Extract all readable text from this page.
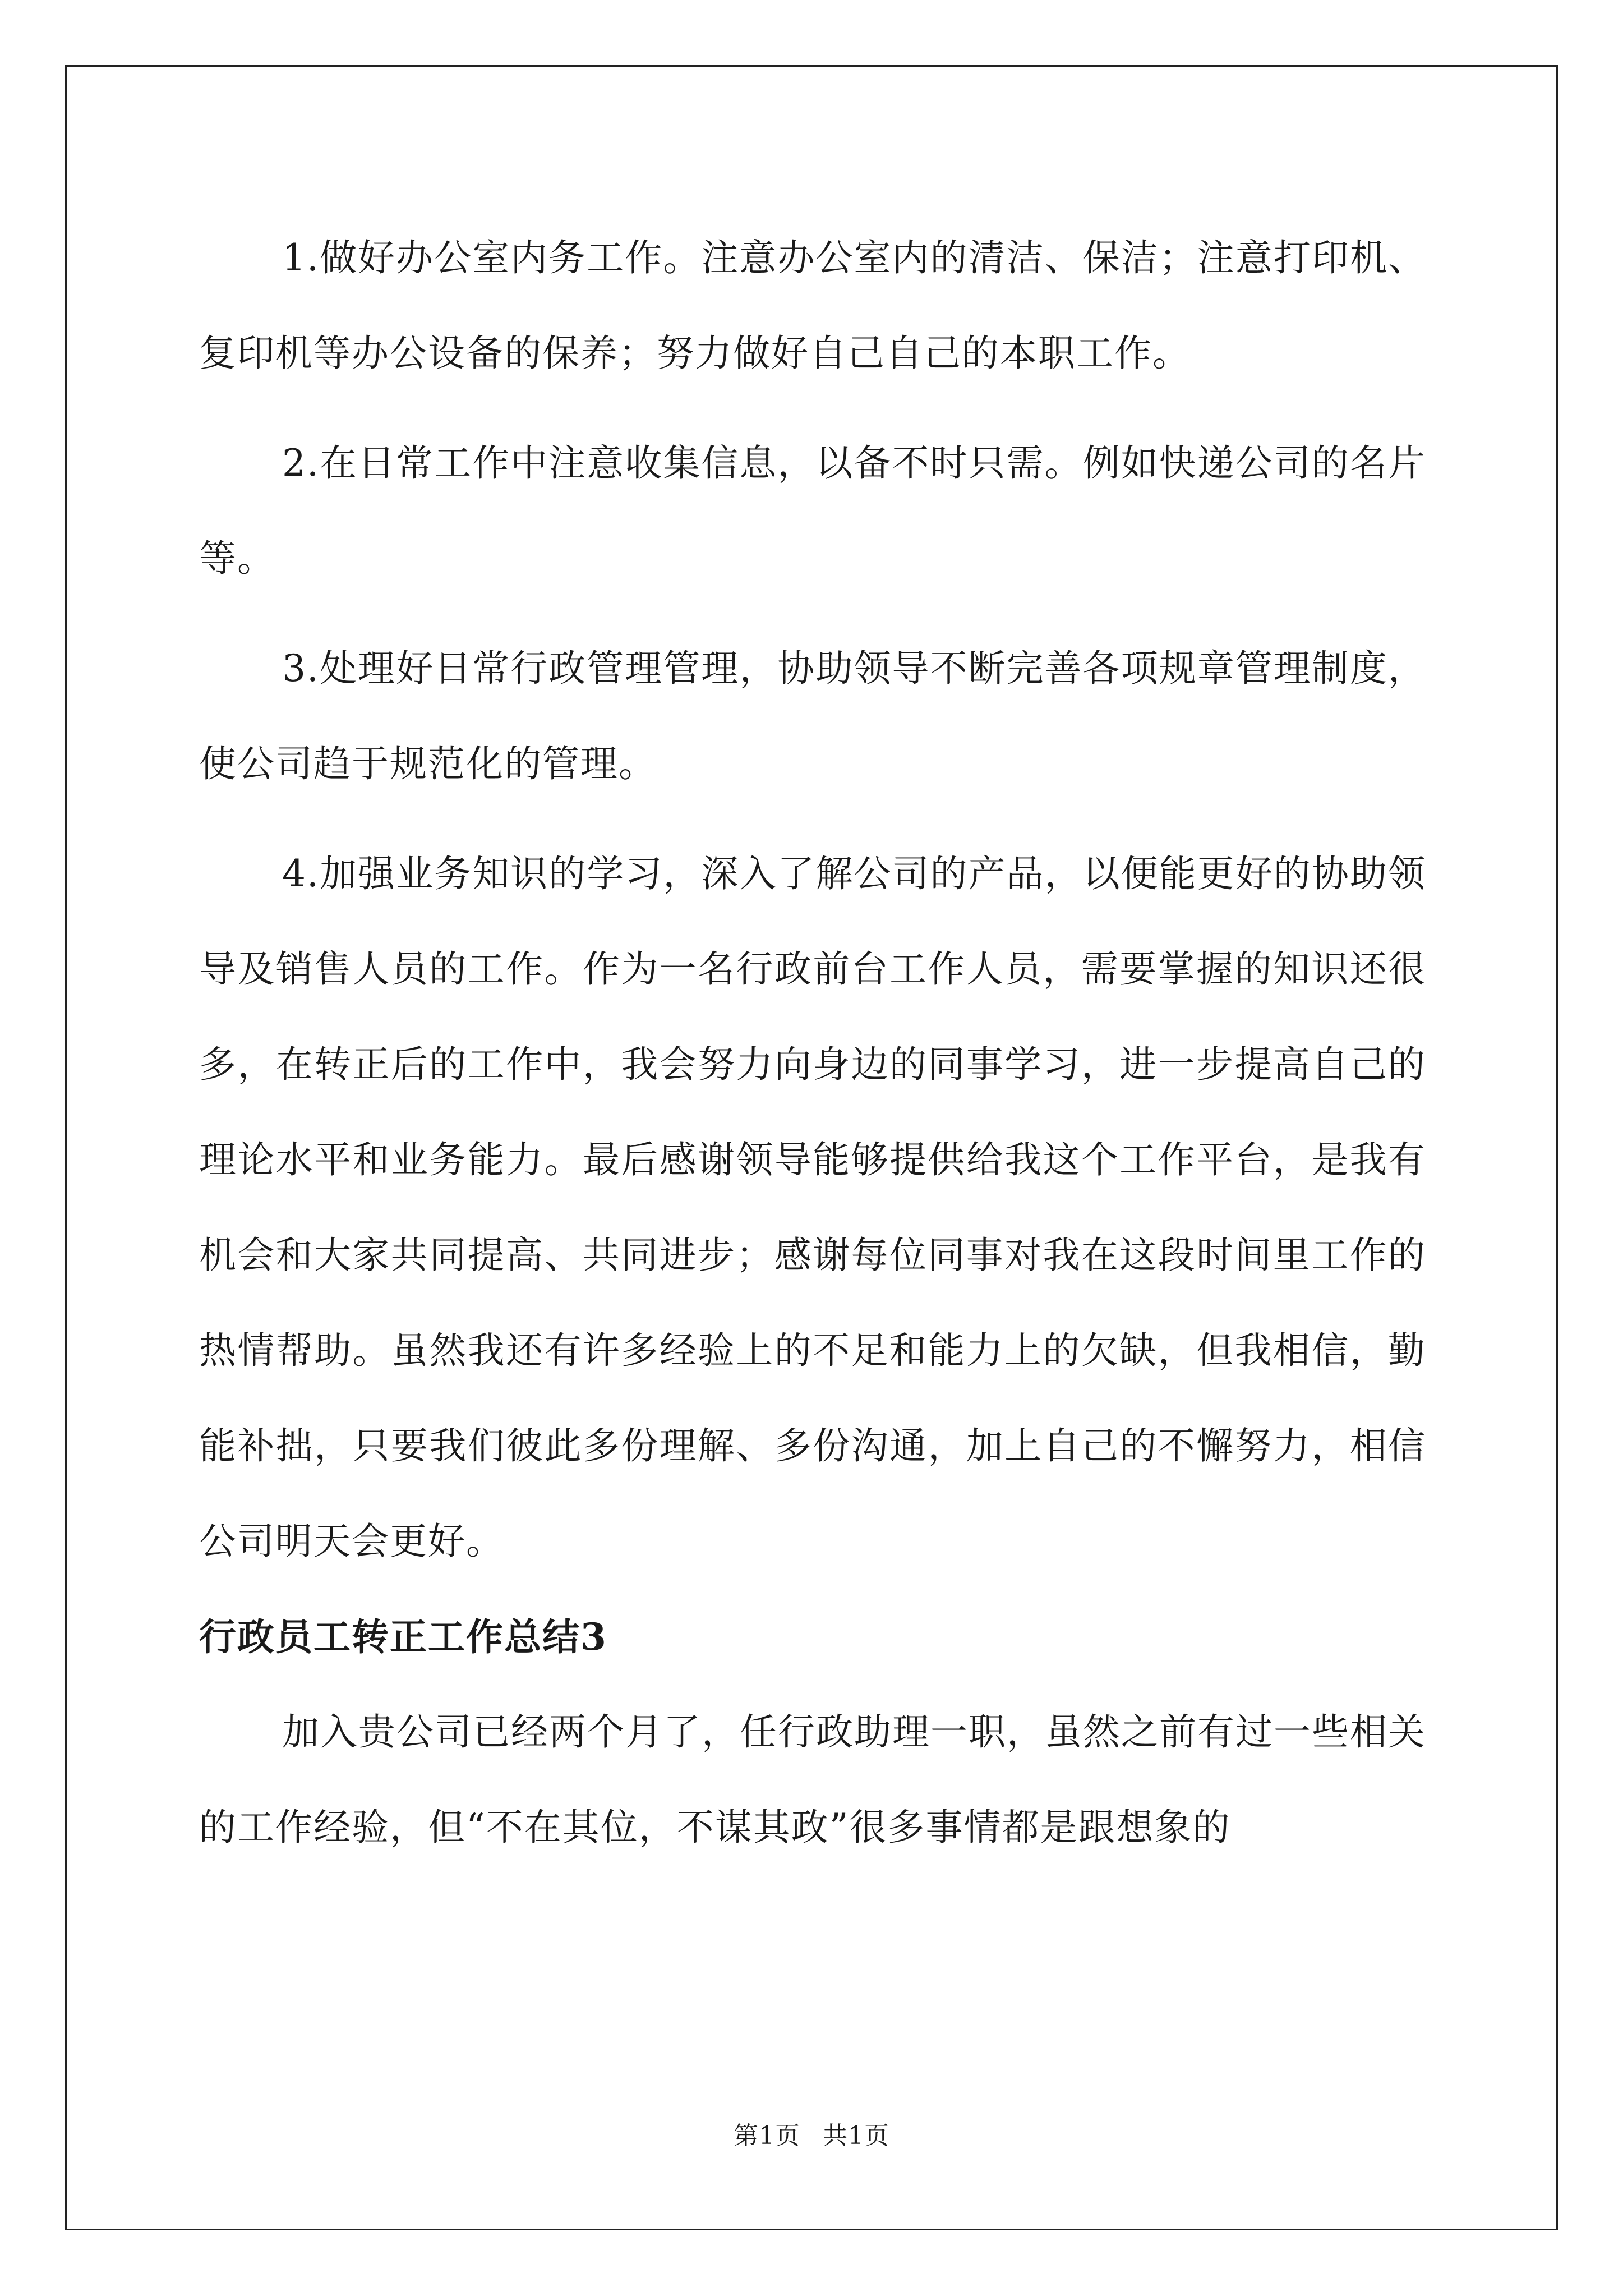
1.做好办公室内务工作。注意办公室内的清洁、保洁；注意打印机、复印机等办公设备的保养；努力做好自己自己的本职工作。

2.在日常工作中注意收集信息，以备不时只需。例如快递公司的名片等。

3.处理好日常行政管理管理，协助领导不断完善各项规章管理制度，使公司趋于规范化的管理。

4.加强业务知识的学习，深入了解公司的产品，以便能更好的协助领导及销售人员的工作。作为一名行政前台工作人员，需要掌握的知识还很多，在转正后的工作中，我会努力向身边的同事学习，进一步提高自己的理论水平和业务能力。最后感谢领导能够提供给我这个工作平台，是我有机会和大家共同提高、共同进步；感谢每位同事对我在这段时间里工作的热情帮助。虽然我还有许多经验上的不足和能力上的欠缺，但我相信，勤能补拙，只要我们彼此多份理解、多份沟通，加上自己的不懈努力，相信公司明天会更好。

行政员工转正工作总结3

加入贵公司已经两个月了，任行政助理一职，虽然之前有过一些相关的工作经验，但“不在其位，不谋其政”很多事情都是跟想象的

第1页 共1页
